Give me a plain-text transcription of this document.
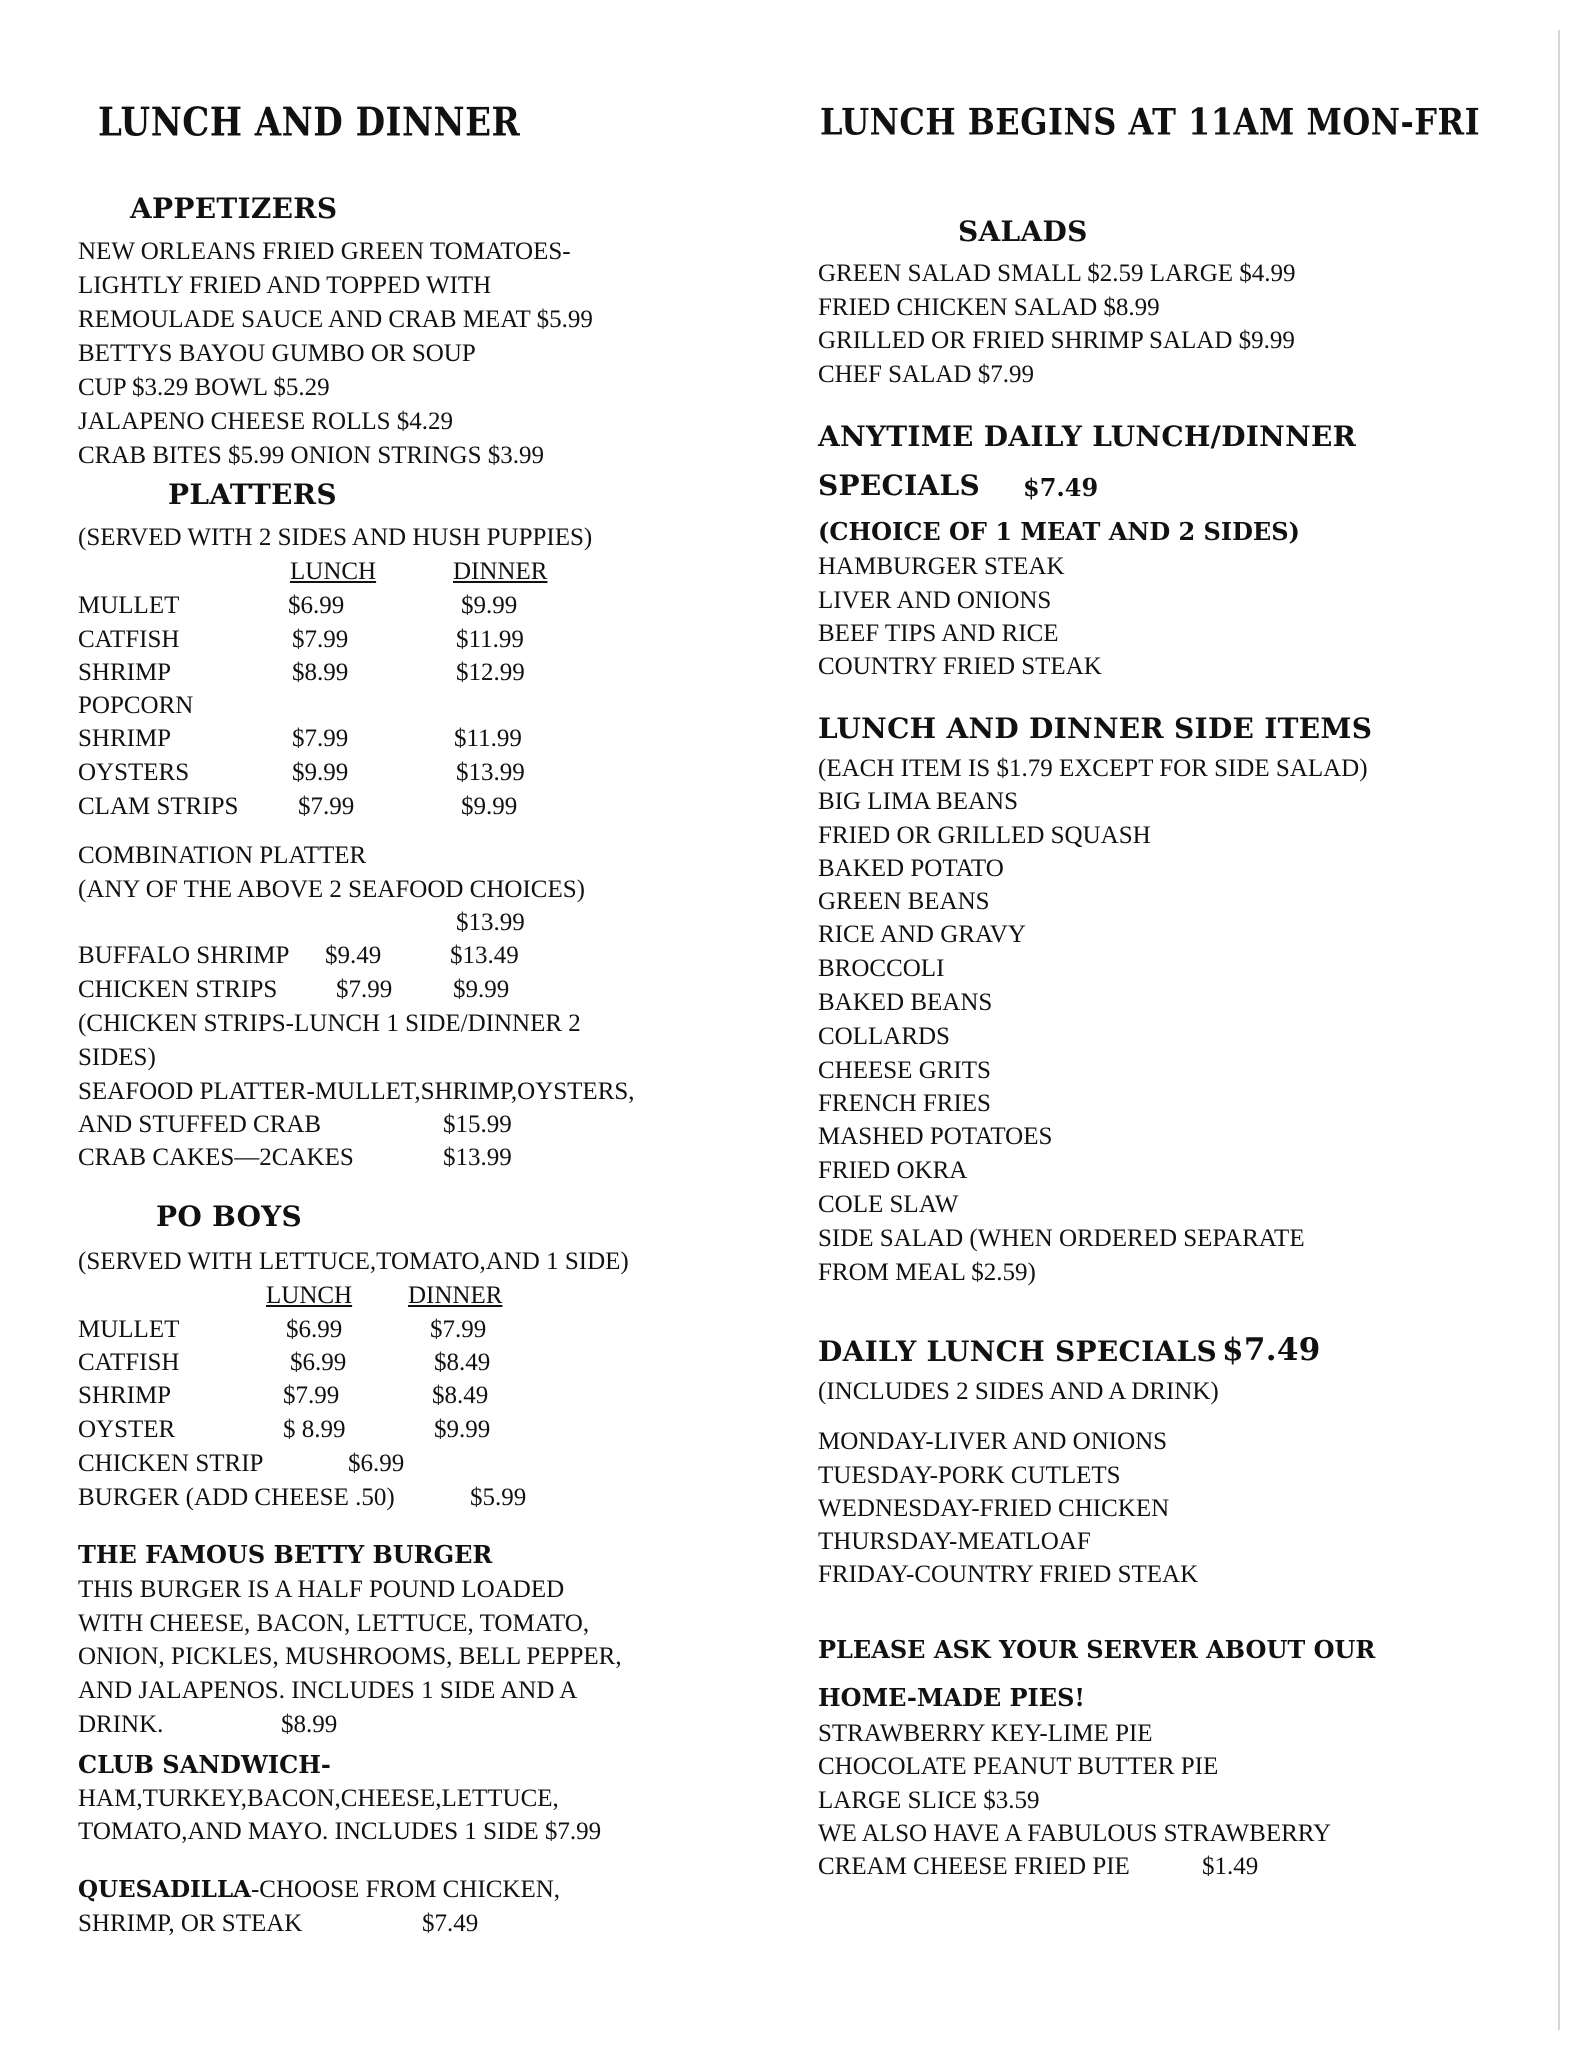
LUNCH AND DINNER
APPETIZERS
NEW ORLEANS FRIED GREEN TOMATOES-
LIGHTLY FRIED AND TOPPED WITH
REMOULADE SAUCE AND CRAB MEAT $5.99
BETTYS BAYOU GUMBO OR SOUP
CUP $3.29 BOWL $5.29
JALAPENO CHEESE ROLLS $4.29
CRAB BITES $5.99 ONION STRINGS $3.99
PLATTERS
(SERVED WITH 2 SIDES AND HUSH PUPPIES)
LUNCH	DINNER
MULLET	$6.99	$9.99
CATFISH	$7.99	$11.99
SHRIMP	$8.99	$12.99
POPCORN
SHRIMP	$7.99	$11.99
OYSTERS	$9.99	$13.99
CLAM STRIPS $7.99	$9.99
COMBINATION PLATTER
(ANY OF THE ABOVE 2 SEAFOOD CHOICES)
$13.99
BUFFALO SHRIMP $9.49	$13.49
CHICKEN STRIPS $7.99 $9.99
(CHICKEN STRIPS-LUNCH 1 SIDE/DINNER 2
SIDES)
SEAFOOD PLATTER-MULLET,SHRIMP,OYSTERS,
AND STUFFED CRAB	$15.99
CRAB CAKES—2CAKES	$13.99
PO BOYS
(SERVED WITH LETTUCE,TOMATO,AND 1 SIDE)
LUNCH DINNER
MULLET	$6.99	$7.99
CATFISH	$6.99	$8.49
SHRIMP	$7.99	$8.49
OYSTER	$ 8.99	$9.99
CHICKEN STRIP	$6.99
BURGER (ADD CHEESE .50)	$5.99
THE FAMOUS BETTY BURGER
THIS BURGER IS A HALF POUND LOADED
WITH CHEESE, BACON, LETTUCE, TOMATO,
ONION, PICKLES, MUSHROOMS, BELL PEPPER,
AND JALAPENOS. INCLUDES 1 SIDE AND A
DRINK.	$8.99
CLUB SANDWICH-
HAM,TURKEY,BACON,CHEESE,LETTUCE,
TOMATO,AND MAYO. INCLUDES 1 SIDE $7.99
QUESADILLA-CHOOSE FROM CHICKEN,
SHRIMP, OR STEAK	$7.49
LUNCH BEGINS AT 11AM MON-FRI
SALADS
GREEN SALAD SMALL $2.59 LARGE $4.99
FRIED CHICKEN SALAD $8.99
GRILLED OR FRIED SHRIMP SALAD $9.99
CHEF SALAD $7.99
ANYTIME DAILY LUNCH/DINNER
SPECIALS $7.49
(CHOICE OF 1 MEAT AND 2 SIDES)
HAMBURGER STEAK
LIVER AND ONIONS
BEEF TIPS AND RICE
COUNTRY FRIED STEAK
LUNCH AND DINNER SIDE ITEMS
(EACH ITEM IS $1.79 EXCEPT FOR SIDE SALAD)
BIG LIMA BEANS
FRIED OR GRILLED SQUASH
BAKED POTATO
GREEN BEANS
RICE AND GRAVY
BROCCOLI
BAKED BEANS
COLLARDS
CHEESE GRITS
FRENCH FRIES
MASHED POTATOES
FRIED OKRA
COLE SLAW
SIDE SALAD (WHEN ORDERED SEPARATE
FROM MEAL $2.59)
DAILY LUNCH SPECIALS $7.49
(INCLUDES 2 SIDES AND A DRINK)
MONDAY-LIVER AND ONIONS
TUESDAY-PORK CUTLETS
WEDNESDAY-FRIED CHICKEN
THURSDAY-MEATLOAF
FRIDAY-COUNTRY FRIED STEAK
PLEASE ASK YOUR SERVER ABOUT OUR
HOME-MADE PIES!
STRAWBERRY KEY-LIME PIE
CHOCOLATE PEANUT BUTTER PIE
LARGE SLICE $3.59
WE ALSO HAVE A FABULOUS STRAWBERRY
CREAM CHEESE FRIED PIE	$1.49
